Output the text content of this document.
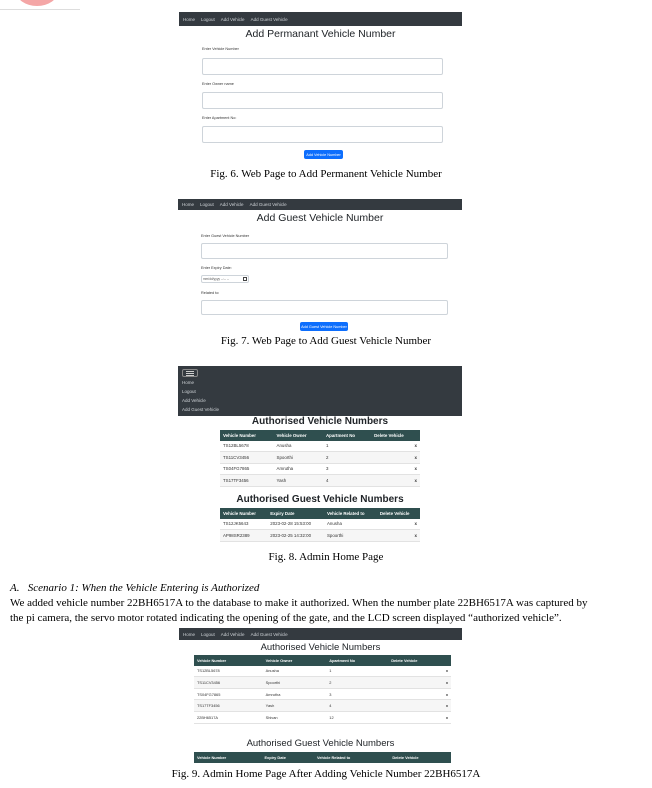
Home Logout Add Vehicle Add Guest Vehicle
Add Permanant Vehicle Number
Enter Vehicle Number
Enter Owner name
Enter Apartment No:
Add Vehicle Number
Fig. 6. Web Page to Add Permanent Vehicle Number
Home Logout Add Vehicle Add Guest Vehicle
Add Guest Vehicle Number
Enter Guest Vehicle Number
Enter Expiry Date:
mm/dd/yyyy --:-- --
Related to:
Add Guest Vehicle Number
Fig. 7. Web Page to Add Guest Vehicle Number
Home
Logout
Add Vehicle
Add Guest Vehicle
Authorised Vehicle Numbers
Vehicle Number	Vehicle Owner	Apartment No	Delete Vehicle
TS12BL5678	Anusha	1	x
TS11CV3456	Spoorthi	2	x
TS04FG7865	Amrutha	3	x
TS17TF3456	Yash	4	x
Authorised Guest Vehicle Numbers
Vehicle Number	Expiry Date	Vehicle Related to	Delete Vehicle
TS12JK5643	2023-02-28 15:53:00	Anusha	x
AP98SR2389	2023-02-25 14:32:00	Spoorthi	x
Fig. 8. Admin Home Page
A.   Scenario 1: When the Vehicle Entering is Authorized
We added vehicle number 22BH6517A to the database to make it authorized. When the number plate 22BH6517A was captured by
the pi camera, the servo motor rotated indicating the opening of the gate, and the LCD screen displayed “authorized vehicle”.
Home Logout Add Vehicle Add Guest Vehicle
Authorised Vehicle Numbers
Vehicle Number	Vehicle Owner	Apartment No	Delete Vehicle
TS12BL5678	Anusha	1	x
TS11CV3456	Spoorthi	2	x
TS04FG7865	Amrutha	3	x
TS17TF3456	Yash	4	x
22BH6517A	Shivan	12	x
Authorised Guest Vehicle Numbers
Vehicle Number	Expiry Date	Vehicle Related to	Delete Vehicle
Fig. 9. Admin Home Page After Adding Vehicle Number 22BH6517A
